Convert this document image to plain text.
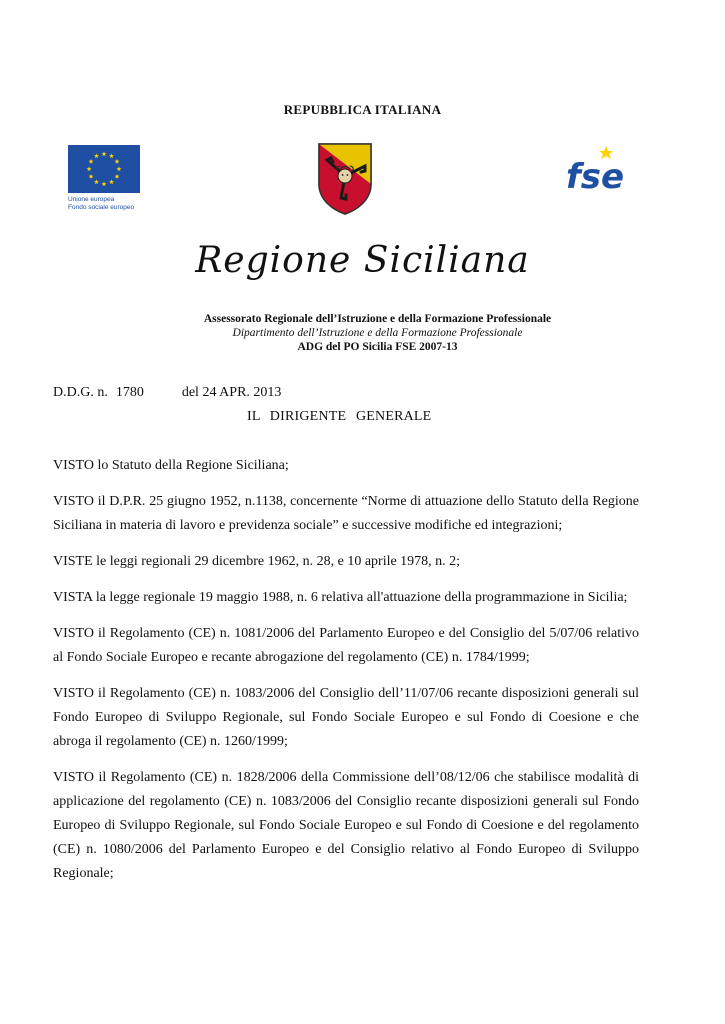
REPUBBLICA ITALIANA
Unione europea
Fondo sociale europeo
fse
Regione Siciliana
Assessorato Regionale dell’Istruzione e della Formazione Professionale
Dipartimento dell’Istruzione e della Formazione Professionale
ADG del PO Sicilia FSE 2007-13
D.D.G. n. 1780	del 24 APR. 2013
IL DIRIGENTE GENERALE

VISTO lo Statuto della Regione Siciliana;

VISTO il D.P.R. 25 giugno 1952, n.1138, concernente “Norme di attuazione dello Statuto della Regione Siciliana in materia di lavoro e previdenza sociale” e successive modifiche ed integrazioni;

VISTE le leggi regionali 29 dicembre 1962, n. 28, e 10 aprile 1978, n. 2;

VISTA la legge regionale 19 maggio 1988, n. 6 relativa all'attuazione della programmazione in Sicilia;

VISTO il Regolamento (CE) n. 1081/2006 del Parlamento Europeo e del Consiglio del 5/07/06 relativo al Fondo Sociale Europeo e recante abrogazione del regolamento (CE) n. 1784/1999;

VISTO il Regolamento (CE) n. 1083/2006 del Consiglio dell’11/07/06 recante disposizioni generali sul Fondo Europeo di Sviluppo Regionale, sul Fondo Sociale Europeo e sul Fondo di Coesione e che abroga il regolamento (CE) n. 1260/1999;

VISTO il Regolamento (CE) n. 1828/2006 della Commissione dell’08/12/06 che stabilisce modalità di applicazione del regolamento (CE) n. 1083/2006 del Consiglio recante disposizioni generali sul Fondo Europeo di Sviluppo Regionale, sul Fondo Sociale Europeo e sul Fondo di Coesione e del regolamento (CE) n. 1080/2006 del Parlamento Europeo e del Consiglio relativo al Fondo Europeo di Sviluppo Regionale;
